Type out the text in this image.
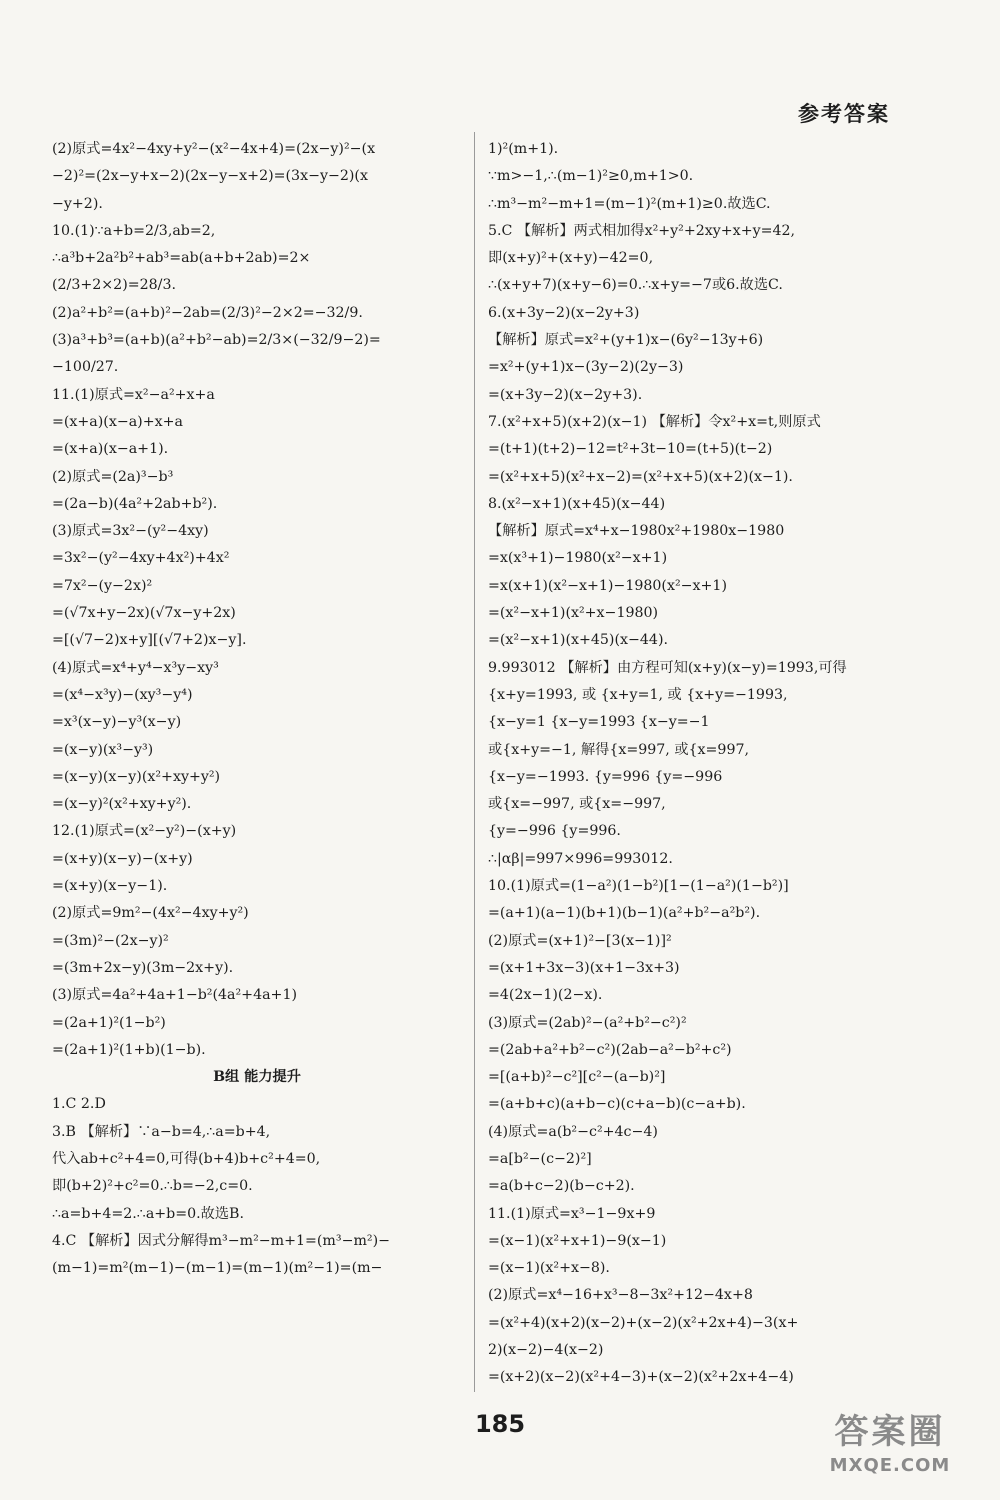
参考答案
(2)原式=4x²−4xy+y²−(x²−4x+4)=(2x−y)²−(x
−2)²=(2x−y+x−2)(2x−y−x+2)=(3x−y−2)(x
−y+2).
10.(1)∵a+b=2/3,ab=2,
∴a³b+2a²b²+ab³=ab(a+b+2ab)=2×
(2/3+2×2)=28/3.
(2)a²+b²=(a+b)²−2ab=(2/3)²−2×2=−32/9.
(3)a³+b³=(a+b)(a²+b²−ab)=2/3×(−32/9−2)=
−100/27.
11.(1)原式=x²−a²+x+a
=(x+a)(x−a)+x+a
=(x+a)(x−a+1).
(2)原式=(2a)³−b³
=(2a−b)(4a²+2ab+b²).
(3)原式=3x²−(y²−4xy)
=3x²−(y²−4xy+4x²)+4x²
=7x²−(y−2x)²
=(√7x+y−2x)(√7x−y+2x)
=[(√7−2)x+y][(√7+2)x−y].
(4)原式=x⁴+y⁴−x³y−xy³
=(x⁴−x³y)−(xy³−y⁴)
=x³(x−y)−y³(x−y)
=(x−y)(x³−y³)
=(x−y)(x−y)(x²+xy+y²)
=(x−y)²(x²+xy+y²).
12.(1)原式=(x²−y²)−(x+y)
=(x+y)(x−y)−(x+y)
=(x+y)(x−y−1).
(2)原式=9m²−(4x²−4xy+y²)
=(3m)²−(2x−y)²
=(3m+2x−y)(3m−2x+y).
(3)原式=4a²+4a+1−b²(4a²+4a+1)
=(2a+1)²(1−b²)
=(2a+1)²(1+b)(1−b).
B组 能力提升
1.C 2.D
3.B 【解析】∵a−b=4,∴a=b+4,
代入ab+c²+4=0,可得(b+4)b+c²+4=0,
即(b+2)²+c²=0.∴b=−2,c=0.
∴a=b+4=2.∴a+b=0.故选B.
4.C 【解析】因式分解得m³−m²−m+1=(m³−m²)−
(m−1)=m²(m−1)−(m−1)=(m−1)(m²−1)=(m−
1)²(m+1).
∵m>−1,∴(m−1)²≥0,m+1>0.
∴m³−m²−m+1=(m−1)²(m+1)≥0.故选C.
5.C 【解析】两式相加得x²+y²+2xy+x+y=42,
即(x+y)²+(x+y)−42=0,
∴(x+y+7)(x+y−6)=0.∴x+y=−7或6.故选C.
6.(x+3y−2)(x−2y+3)
【解析】原式=x²+(y+1)x−(6y²−13y+6)
=x²+(y+1)x−(3y−2)(2y−3)
=(x+3y−2)(x−2y+3).
7.(x²+x+5)(x+2)(x−1) 【解析】令x²+x=t,则原式
=(t+1)(t+2)−12=t²+3t−10=(t+5)(t−2)
=(x²+x+5)(x²+x−2)=(x²+x+5)(x+2)(x−1).
8.(x²−x+1)(x+45)(x−44)
【解析】原式=x⁴+x−1980x²+1980x−1980
=x(x³+1)−1980(x²−x+1)
=x(x+1)(x²−x+1)−1980(x²−x+1)
=(x²−x+1)(x²+x−1980)
=(x²−x+1)(x+45)(x−44).
9.993012 【解析】由方程可知(x+y)(x−y)=1993,可得
{x+y=1993, 或 {x+y=1, 或 {x+y=−1993,
{x−y=1 {x−y=1993 {x−y=−1
或{x+y=−1, 解得{x=997, 或{x=997,
{x−y=−1993. {y=996 {y=−996
或{x=−997, 或{x=−997,
{y=−996 {y=996.
∴|αβ|=997×996=993012.
10.(1)原式=(1−a²)(1−b²)[1−(1−a²)(1−b²)]
=(a+1)(a−1)(b+1)(b−1)(a²+b²−a²b²).
(2)原式=(x+1)²−[3(x−1)]²
=(x+1+3x−3)(x+1−3x+3)
=4(2x−1)(2−x).
(3)原式=(2ab)²−(a²+b²−c²)²
=(2ab+a²+b²−c²)(2ab−a²−b²+c²)
=[(a+b)²−c²][c²−(a−b)²]
=(a+b+c)(a+b−c)(c+a−b)(c−a+b).
(4)原式=a(b²−c²+4c−4)
=a[b²−(c−2)²]
=a(b+c−2)(b−c+2).
11.(1)原式=x³−1−9x+9
=(x−1)(x²+x+1)−9(x−1)
=(x−1)(x²+x−8).
(2)原式=x⁴−16+x³−8−3x²+12−4x+8
=(x²+4)(x+2)(x−2)+(x−2)(x²+2x+4)−3(x+
2)(x−2)−4(x−2)
=(x+2)(x−2)(x²+4−3)+(x−2)(x²+2x+4−4)
185	答案圈
MXQE.COM
